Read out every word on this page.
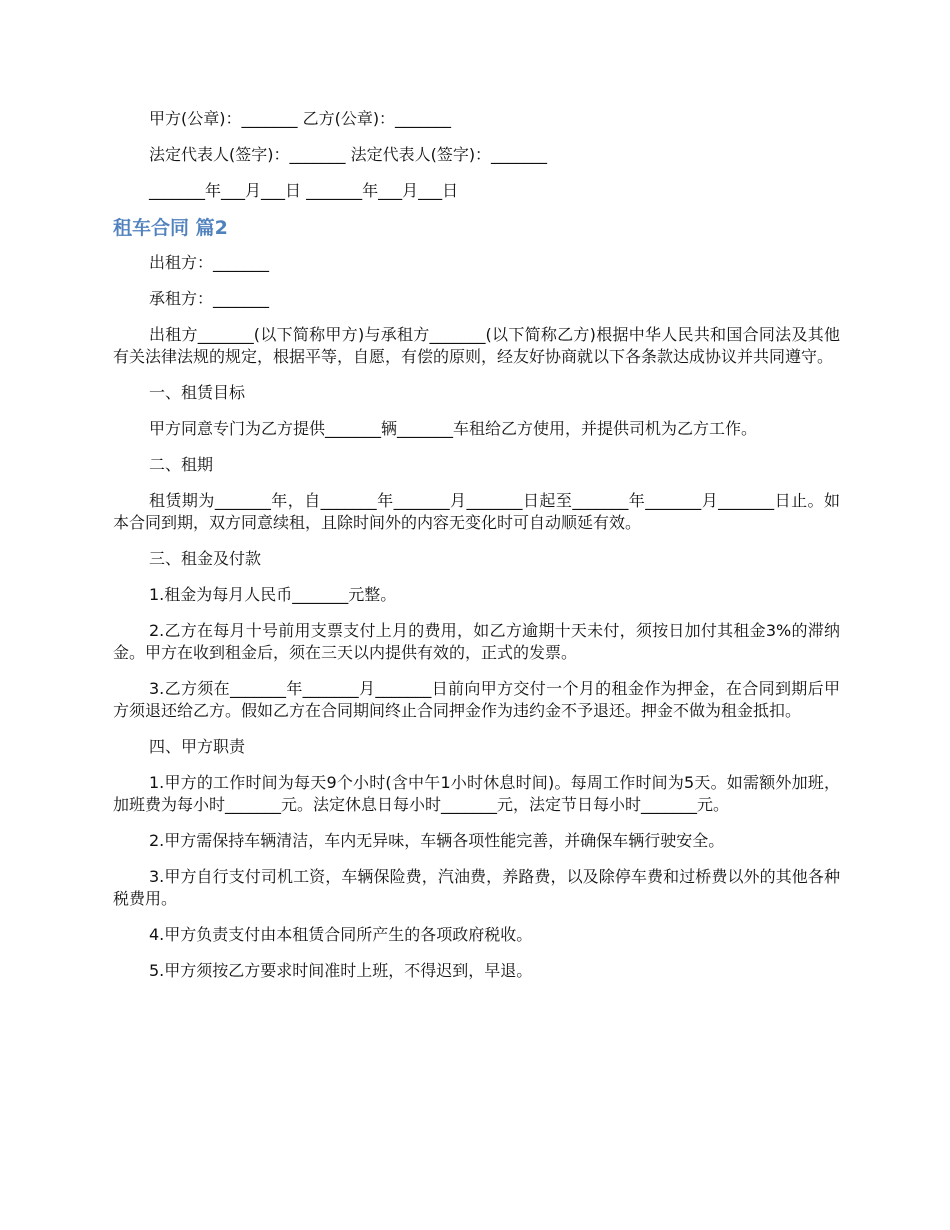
甲方(公章)：_______ 乙方(公章)：_______

法定代表人(签字)：_______ 法定代表人(签字)：_______

_______年___月___日 _______年___月___日

租车合同 篇2

出租方：_______

承租方：_______

出租方_______(以下简称甲方)与承租方_______(以下简称乙方)根据中华人民共和国合同法及其他有关法律法规的规定，根据平等，自愿，有偿的原则，经友好协商就以下各条款达成协议并共同遵守。

一、租赁目标

甲方同意专门为乙方提供_______辆_______车租给乙方使用，并提供司机为乙方工作。

二、租期

租赁期为_______年，自_______年_______月_______日起至_______年_______月_______日止。如本合同到期，双方同意续租，且除时间外的内容无变化时可自动顺延有效。

三、租金及付款

1.租金为每月人民币_______元整。

2.乙方在每月十号前用支票支付上月的费用，如乙方逾期十天未付，须按日加付其租金3%的滞纳金。甲方在收到租金后，须在三天以内提供有效的，正式的发票。

3.乙方须在_______年_______月_______日前向甲方交付一个月的租金作为押金，在合同到期后甲方须退还给乙方。假如乙方在合同期间终止合同押金作为违约金不予退还。押金不做为租金抵扣。

四、甲方职责

1.甲方的工作时间为每天9个小时(含中午1小时休息时间)。每周工作时间为5天。如需额外加班，加班费为每小时_______元。法定休息日每小时_______元，法定节日每小时_______元。

2.甲方需保持车辆清洁，车内无异味，车辆各项性能完善，并确保车辆行驶安全。

3.甲方自行支付司机工资，车辆保险费，汽油费，养路费，以及除停车费和过桥费以外的其他各种税费用。

4.甲方负责支付由本租赁合同所产生的各项政府税收。

5.甲方须按乙方要求时间准时上班，不得迟到，早退。
